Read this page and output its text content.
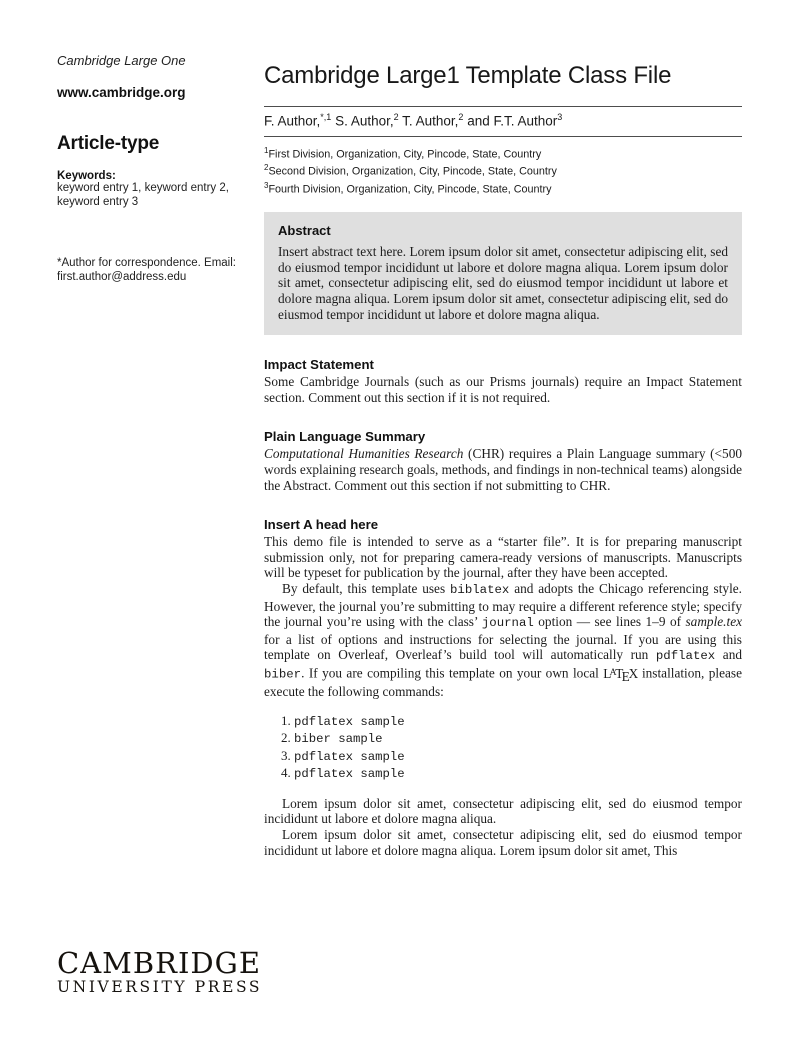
Cambridge Large One
www.cambridge.org
Article-type
Keywords:
keyword entry 1, keyword entry 2, keyword entry 3
*Author for correspondence. Email:
first.author@address.edu
Cambridge Large1 Template Class File
F. Author,$^{*,1}$ S. Author,$^2$ T. Author,$^2$ and F.T. Author$^3$
$^1$First Division, Organization, City, Pincode, State, Country
$^2$Second Division, Organization, City, Pincode, State, Country
$^3$Fourth Division, Organization, City, Pincode, State, Country
Abstract
Insert abstract text here. Lorem ipsum dolor sit amet, consectetur adipiscing elit, sed do eiusmod tempor incididunt ut labore et dolore magna aliqua. Lorem ipsum dolor sit amet, consectetur adipiscing elit, sed do eiusmod tempor incididunt ut labore et dolore magna aliqua. Lorem ipsum dolor sit amet, consectetur adipiscing elit, sed do eiusmod tempor incididunt ut labore et dolore magna aliqua.
Impact Statement
Some Cambridge Journals (such as our Prisms journals) require an Impact Statement section. Comment out this section if it is not required.
Plain Language Summary
Computational Humanities Research (CHR) requires a Plain Language summary (<500 words explaining research goals, methods, and findings in non-technical teams) alongside the Abstract. Comment out this section if not submitting to CHR.
Insert A head here
This demo file is intended to serve as a “starter file”. It is for preparing manuscript submission only, not for preparing camera-ready versions of manuscripts. Manuscripts will be typeset for publication by the journal, after they have been accepted.
By default, this template uses biblatex and adopts the Chicago referencing style. However, the journal you’re submitting to may require a different reference style; specify the journal you’re using with the class’ journal option — see lines 1–9 of sample.tex for a list of options and instructions for selecting the journal. If you are using this template on Overleaf, Overleaf’s build tool will automatically run pdflatex and biber. If you are compiling this template on your own local $L^ATEX$ installation, please execute the following commands:
1. pdflatex sample
2. biber sample
3. pdflatex sample
4. pdflatex sample
Lorem ipsum dolor sit amet, consectetur adipiscing elit, sed do eiusmod tempor incididunt ut labore et dolore magna aliqua.
Lorem ipsum dolor sit amet, consectetur adipiscing elit, sed do eiusmod tempor incididunt ut labore et dolore magna aliqua. Lorem ipsum dolor sit amet, This
CAMBRIDGE
UNIVERSITY PRESS
